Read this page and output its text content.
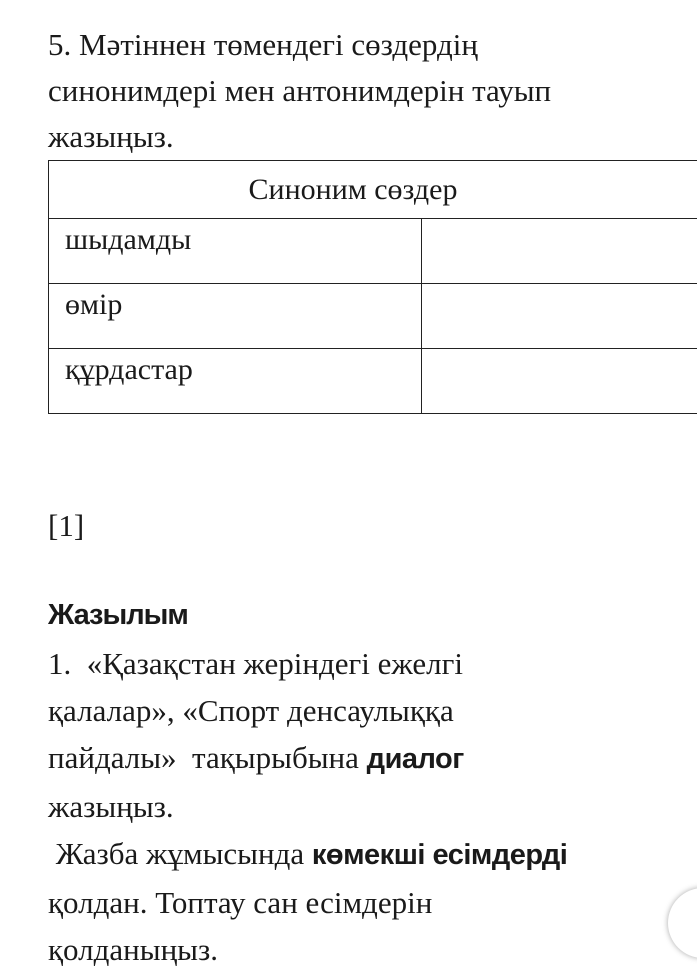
5. Мәтіннен төмендегі сөздердің
синонимдері мен антонимдерін тауып
жазыңыз.

Синоним сөздер	
шыдамды	
өмір	
құрдастар	
[1]
Жазылым

1.  «Қазақстан жеріндегі ежелгі
қалалар», «Спорт денсаулыққа
пайдалы»  тақырыбына диалог
жазыңыз.
Жазба жұмысында көмекші есімдерді
қолдан. Топтау сан есімдерін
қолданыңыз.
